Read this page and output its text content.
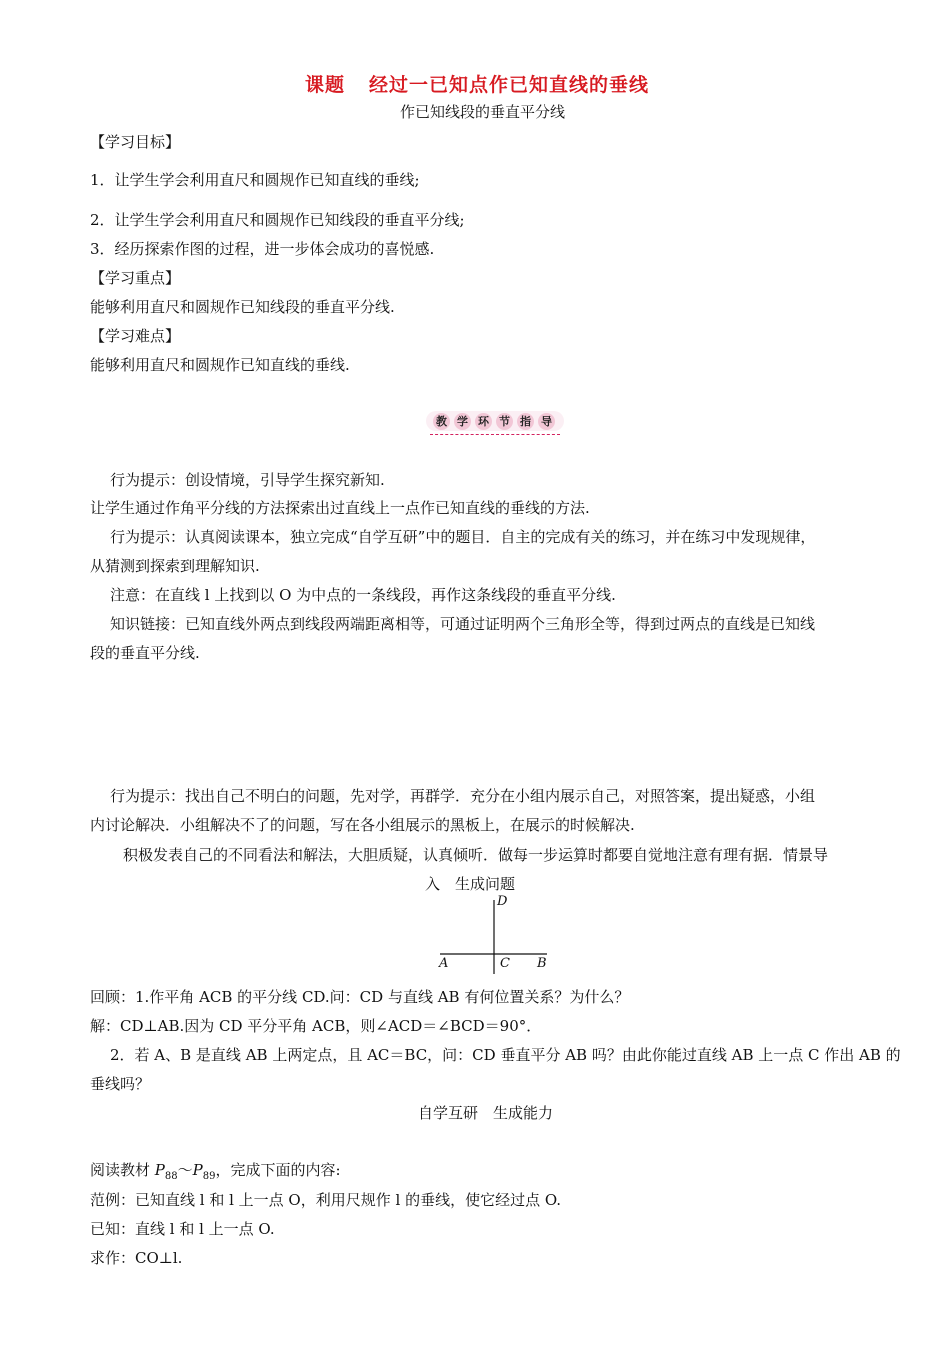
课题 经过一已知点作已知直线的垂线
作已知线段的垂直平分线
【学习目标】
1．让学生学会利用直尺和圆规作已知直线的垂线;
2．让学生学会利用直尺和圆规作已知线段的垂直平分线;
3．经历探索作图的过程，进一步体会成功的喜悦感.
【学习重点】
能够利用直尺和圆规作已知线段的垂直平分线.
【学习难点】
能够利用直尺和圆规作已知直线的垂线.
教 学 环 节 指 导
行为提示：创设情境，引导学生探究新知.
让学生通过作角平分线的方法探索出过直线上一点作已知直线的垂线的方法.
行为提示：认真阅读课本，独立完成“自学互研”中的题目．自主的完成有关的练习，并在练习中发现规律，
从猜测到探索到理解知识.
注意：在直线 l 上找到以 O 为中点的一条线段，再作这条线段的垂直平分线.
知识链接：已知直线外两点到线段两端距离相等，可通过证明两个三角形全等，得到过两点的直线是已知线
段的垂直平分线.
行为提示：找出自己不明白的问题，先对学，再群学．充分在小组内展示自己，对照答案，提出疑惑，小组
内讨论解决．小组解决不了的问题，写在各小组展示的黑板上，在展示的时候解决.
积极发表自己的不同看法和解法，大胆质疑，认真倾听．做每一步运算时都要自觉地注意有理有据．情景导
入　生成问题
D
A	C B
回顾：1.作平角 ACB 的平分线 CD.问：CD 与直线 AB 有何位置关系？为什么？
解：CD⊥AB.因为 CD 平分平角 ACB，则∠ACD＝∠BCD＝90°．
2．若 A、B 是直线 AB 上两定点，且 AC＝BC，问：CD 垂直平分 AB 吗？由此你能过直线 AB 上一点 C 作出 AB 的
垂线吗？
自学互研　生成能力
阅读教材 $P_{88}\sim P_{89}$，完成下面的内容:
范例：已知直线 l 和 l 上一点 O，利用尺规作 l 的垂线，使它经过点 O.
已知：直线 l 和 l 上一点 O.
求作：CO⊥l.
